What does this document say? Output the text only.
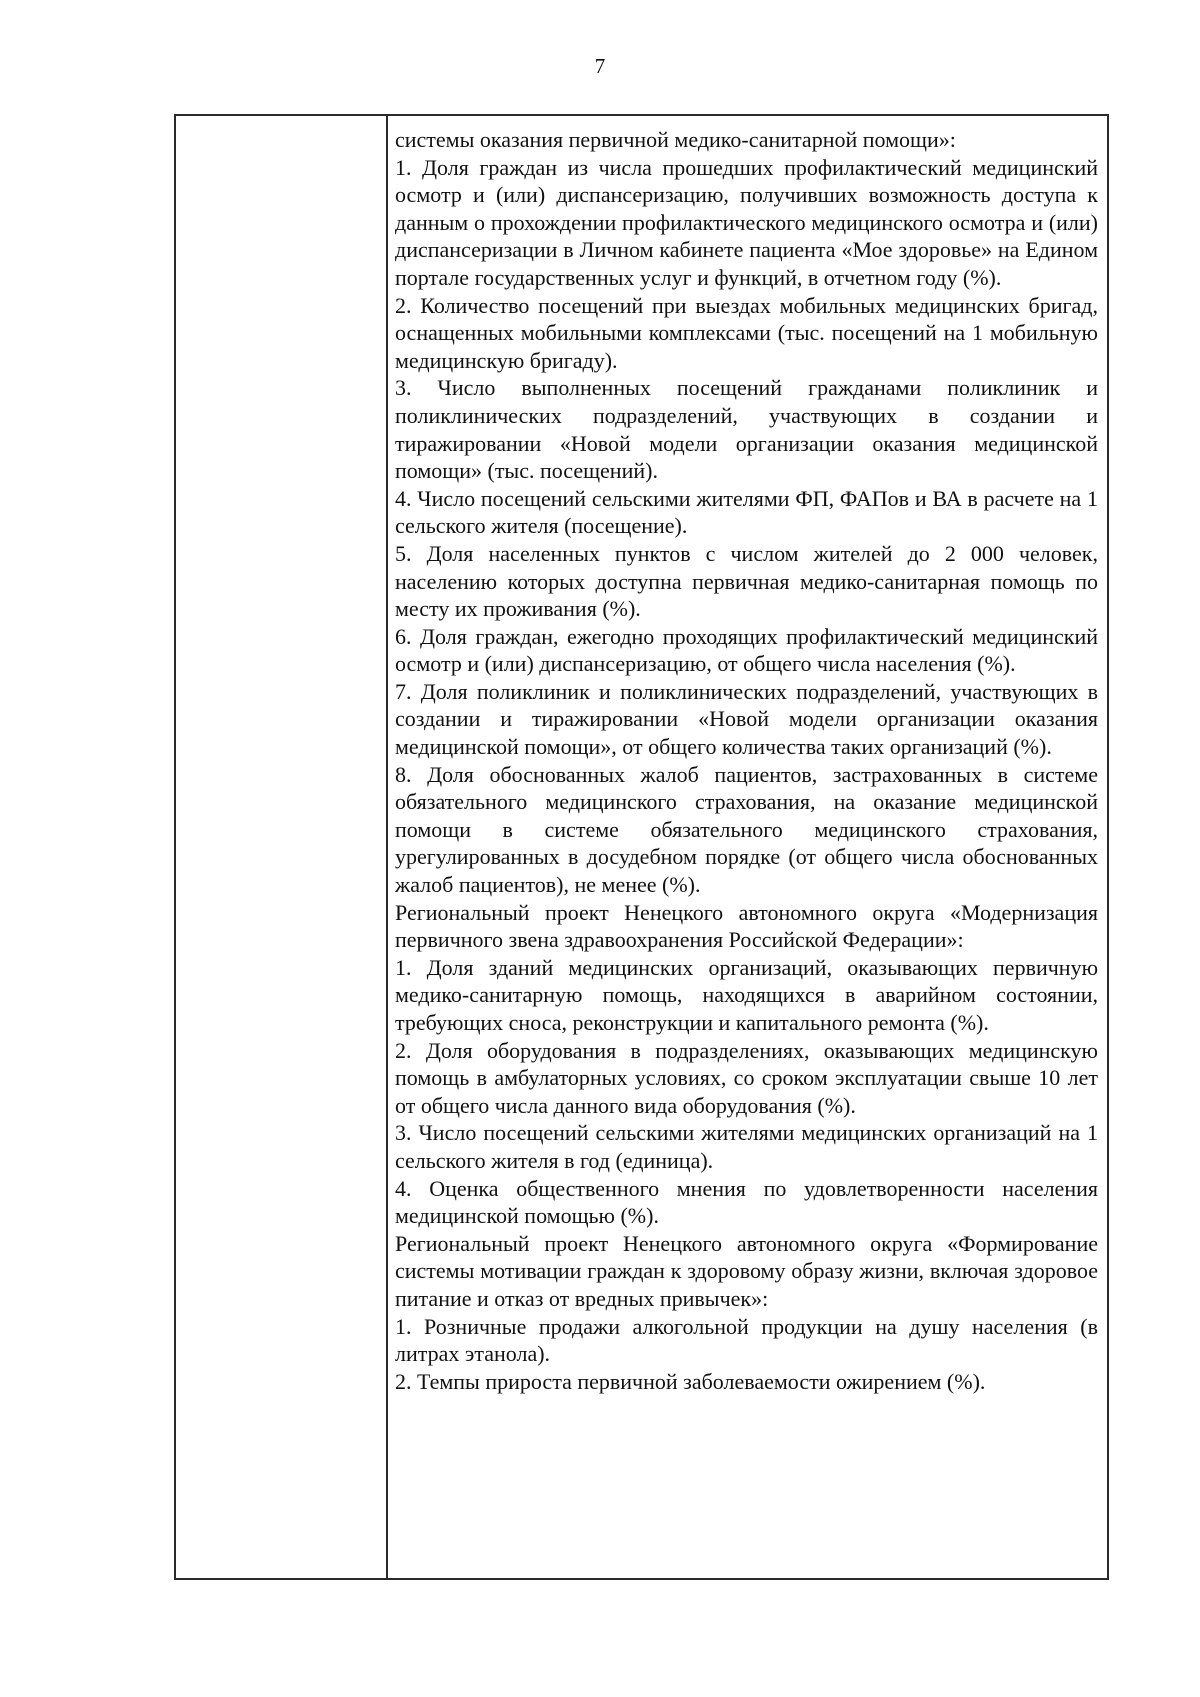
7

системы оказания первичной медико-санитарной помощи»:

1. Доля граждан из числа прошедших профилактический медицинский осмотр и (или) диспансеризацию, получивших возможность доступа к данным о прохождении профилактического медицинского осмотра и (или) диспансеризации в Личном кабинете пациента «Мое здоровье» на Едином портале государственных услуг и функций, в отчетном году (%).

2. Количество посещений при выездах мобильных медицинских бригад, оснащенных мобильными комплексами (тыс. посещений на 1 мобильную медицинскую бригаду).

3. Число выполненных посещений гражданами поликлиник и поликлинических подразделений, участвующих в создании и тиражировании «Новой модели организации оказания медицинской помощи» (тыс. посещений).

4. Число посещений сельскими жителями ФП, ФАПов и ВА в расчете на 1 сельского жителя (посещение).

5. Доля населенных пунктов с числом жителей до 2 000 человек, населению которых доступна первичная медико-санитарная помощь по месту их проживания (%).

6. Доля граждан, ежегодно проходящих профилактический медицинский осмотр и (или) диспансеризацию, от общего числа населения (%).

7. Доля поликлиник и поликлинических подразделений, участвующих в создании и тиражировании «Новой модели организации оказания медицинской помощи», от общего количества таких организаций (%).

8. Доля обоснованных жалоб пациентов, застрахованных в системе обязательного медицинского страхования, на оказание медицинской помощи в системе обязательного медицинского страхования, урегулированных в досудебном порядке (от общего числа обоснованных жалоб пациентов), не менее (%).

Региональный проект Ненецкого автономного округа «Модернизация первичного звена здравоохранения Российской Федерации»:

1. Доля зданий медицинских организаций, оказывающих первичную медико-санитарную помощь, находящихся в аварийном состоянии, требующих сноса, реконструкции и капитального ремонта (%).

2. Доля оборудования в подразделениях, оказывающих медицинскую помощь в амбулаторных условиях, со сроком эксплуатации свыше 10 лет от общего числа данного вида оборудования (%).

3. Число посещений сельскими жителями медицинских организаций на 1 сельского жителя в год (единица).

4. Оценка общественного мнения по удовлетворенности населения медицинской помощью (%).

Региональный проект Ненецкого автономного округа «Формирование системы мотивации граждан к здоровому образу жизни, включая здоровое питание и отказ от вредных привычек»:

1. Розничные продажи алкогольной продукции на душу населения (в литрах этанола).

2. Темпы прироста первичной заболеваемости ожирением (%).
